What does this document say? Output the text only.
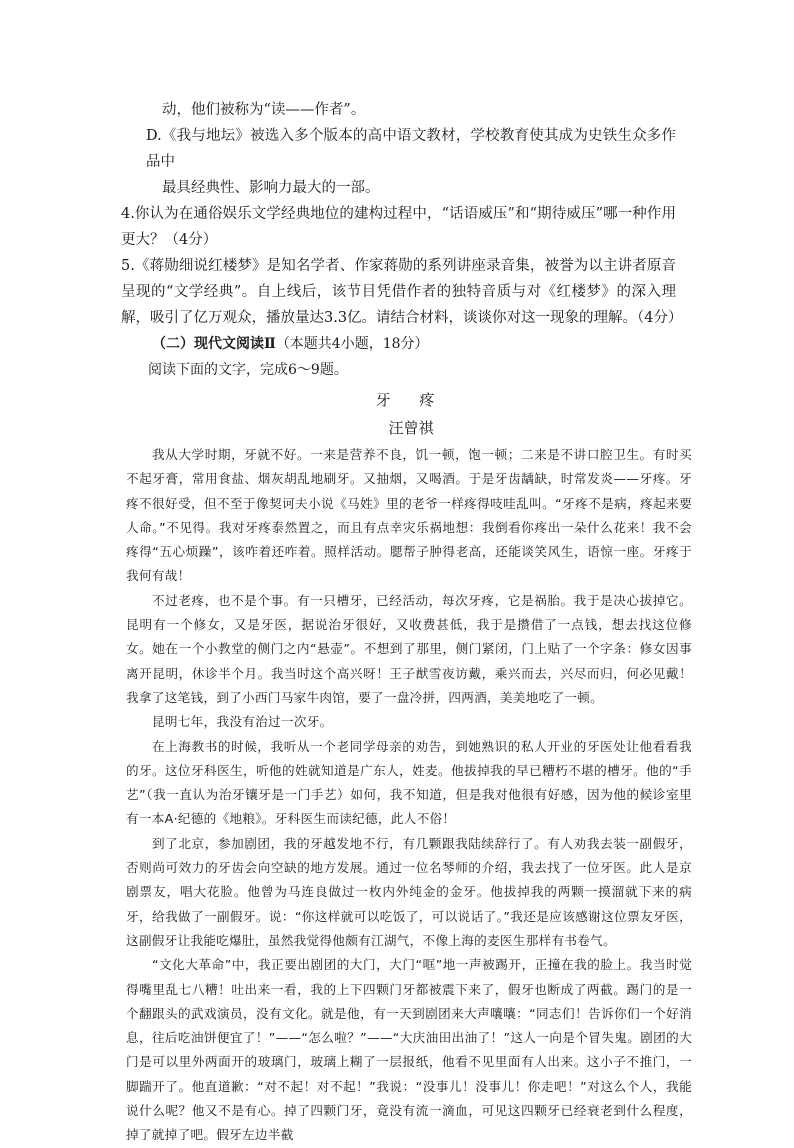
动，他们被称为“读——作者”。

D.《我与地坛》被选入多个版本的高中语文教材，学校教育使其成为史铁生众多作品中

最具经典性、影响力最大的一部。

4.你认为在通俗娱乐文学经典地位的建构过程中，“话语威压”和“期待威压”哪一种作用更大？（4分）

5.《蒋勋细说红楼梦》是知名学者、作家蒋勋的系列讲座录音集，被誉为以主讲者原音呈现的“文学经典”。自上线后，该节目凭借作者的独特音质与对《红楼梦》的深入理解，吸引了亿万观众，播放量达3.3亿。请结合材料，谈谈你对这一现象的理解。（4分）

（二）现代文阅读Ⅱ（本题共4小题，18分）

阅读下面的文字，完成6～9题。

牙 疼

汪曾祺

我从大学时期，牙就不好。一来是营养不良，饥一顿，饱一顿；二来是不讲口腔卫生。有时买不起牙膏，常用食盐、烟灰胡乱地刷牙。又抽烟，又喝酒。于是牙齿龋缺，时常发炎——牙疼。牙疼不很好受，但不至于像契诃夫小说《马姓》里的老爷一样疼得吱哇乱叫。“牙疼不是病，疼起来要人命。”不见得。我对牙疼泰然置之，而且有点幸灾乐祸地想：我倒看你疼出一朵什么花来！我不会疼得“五心烦躁”，该咋着还咋着。照样活动。腮帮子肿得老高，还能谈笑风生，语惊一座。牙疼于我何有哉！

不过老疼，也不是个事。有一只槽牙，已经活动，每次牙疼，它是祸胎。我于是决心拔掉它。昆明有一个修女，又是牙医，据说治牙很好，又收费甚低，我于是攒借了一点钱，想去找这位修女。她在一个小教堂的侧门之内“悬壶”。不想到了那里，侧门紧闭，门上贴了一个字条：修女因事离开昆明，休诊半个月。我当时这个高兴呀！王子猷雪夜访戴，乘兴而去，兴尽而归，何必见戴！我拿了这笔钱，到了小西门马家牛肉馆，要了一盘冷拼，四两酒，美美地吃了一顿。

昆明七年，我没有治过一次牙。

在上海教书的时候，我听从一个老同学母亲的劝告，到她熟识的私人开业的牙医处让他看看我的牙。这位牙科医生，听他的姓就知道是广东人，姓麦。他拔掉我的早已糟朽不堪的槽牙。他的“手艺”（我一直认为治牙镶牙是一门手艺）如何，我不知道，但是我对他很有好感，因为他的候诊室里有一本A·纪德的《地粮》。牙科医生而读纪德，此人不俗！

到了北京，参加剧团，我的牙越发地不行，有几颗跟我陆续辞行了。有人劝我去装一副假牙，否则尚可效力的牙齿会向空缺的地方发展。通过一位名琴师的介绍，我去找了一位牙医。此人是京剧票友，唱大花脸。他曾为马连良做过一枚内外纯金的金牙。他拔掉我的两颗一摸溜就下来的病牙，给我做了一副假牙。说：“你这样就可以吃饭了，可以说话了。”我还是应该感谢这位票友牙医，这副假牙让我能吃爆肚，虽然我觉得他颇有江湖气，不像上海的麦医生那样有书卷气。

“文化大革命”中，我正要出剧团的大门，大门“哐”地一声被踢开，正撞在我的脸上。我当时觉得嘴里乱七八糟！吐出来一看，我的上下四颗门牙都被震下来了，假牙也断成了两截。踢门的是一个翻跟头的武戏演员，没有文化。就是他，有一天到剧团来大声嚷嚷：“同志们！告诉你们一个好消息，往后吃油饼便宜了！”——“怎么啦？”——“大庆油田出油了！”这人一向是个冒失鬼。剧团的大门是可以里外两面开的玻璃门，玻璃上糊了一层报纸，他看不见里面有人出来。这小子不推门，一脚踹开了。他直道歉：“对不起！对不起！”我说：“没事儿！没事儿！你走吧！”对这么个人，我能说什么呢？他又不是有心。掉了四颗门牙，竟没有流一滴血，可见这四颗牙已经衰老到什么程度，掉了就掉了吧。假牙左边半截
